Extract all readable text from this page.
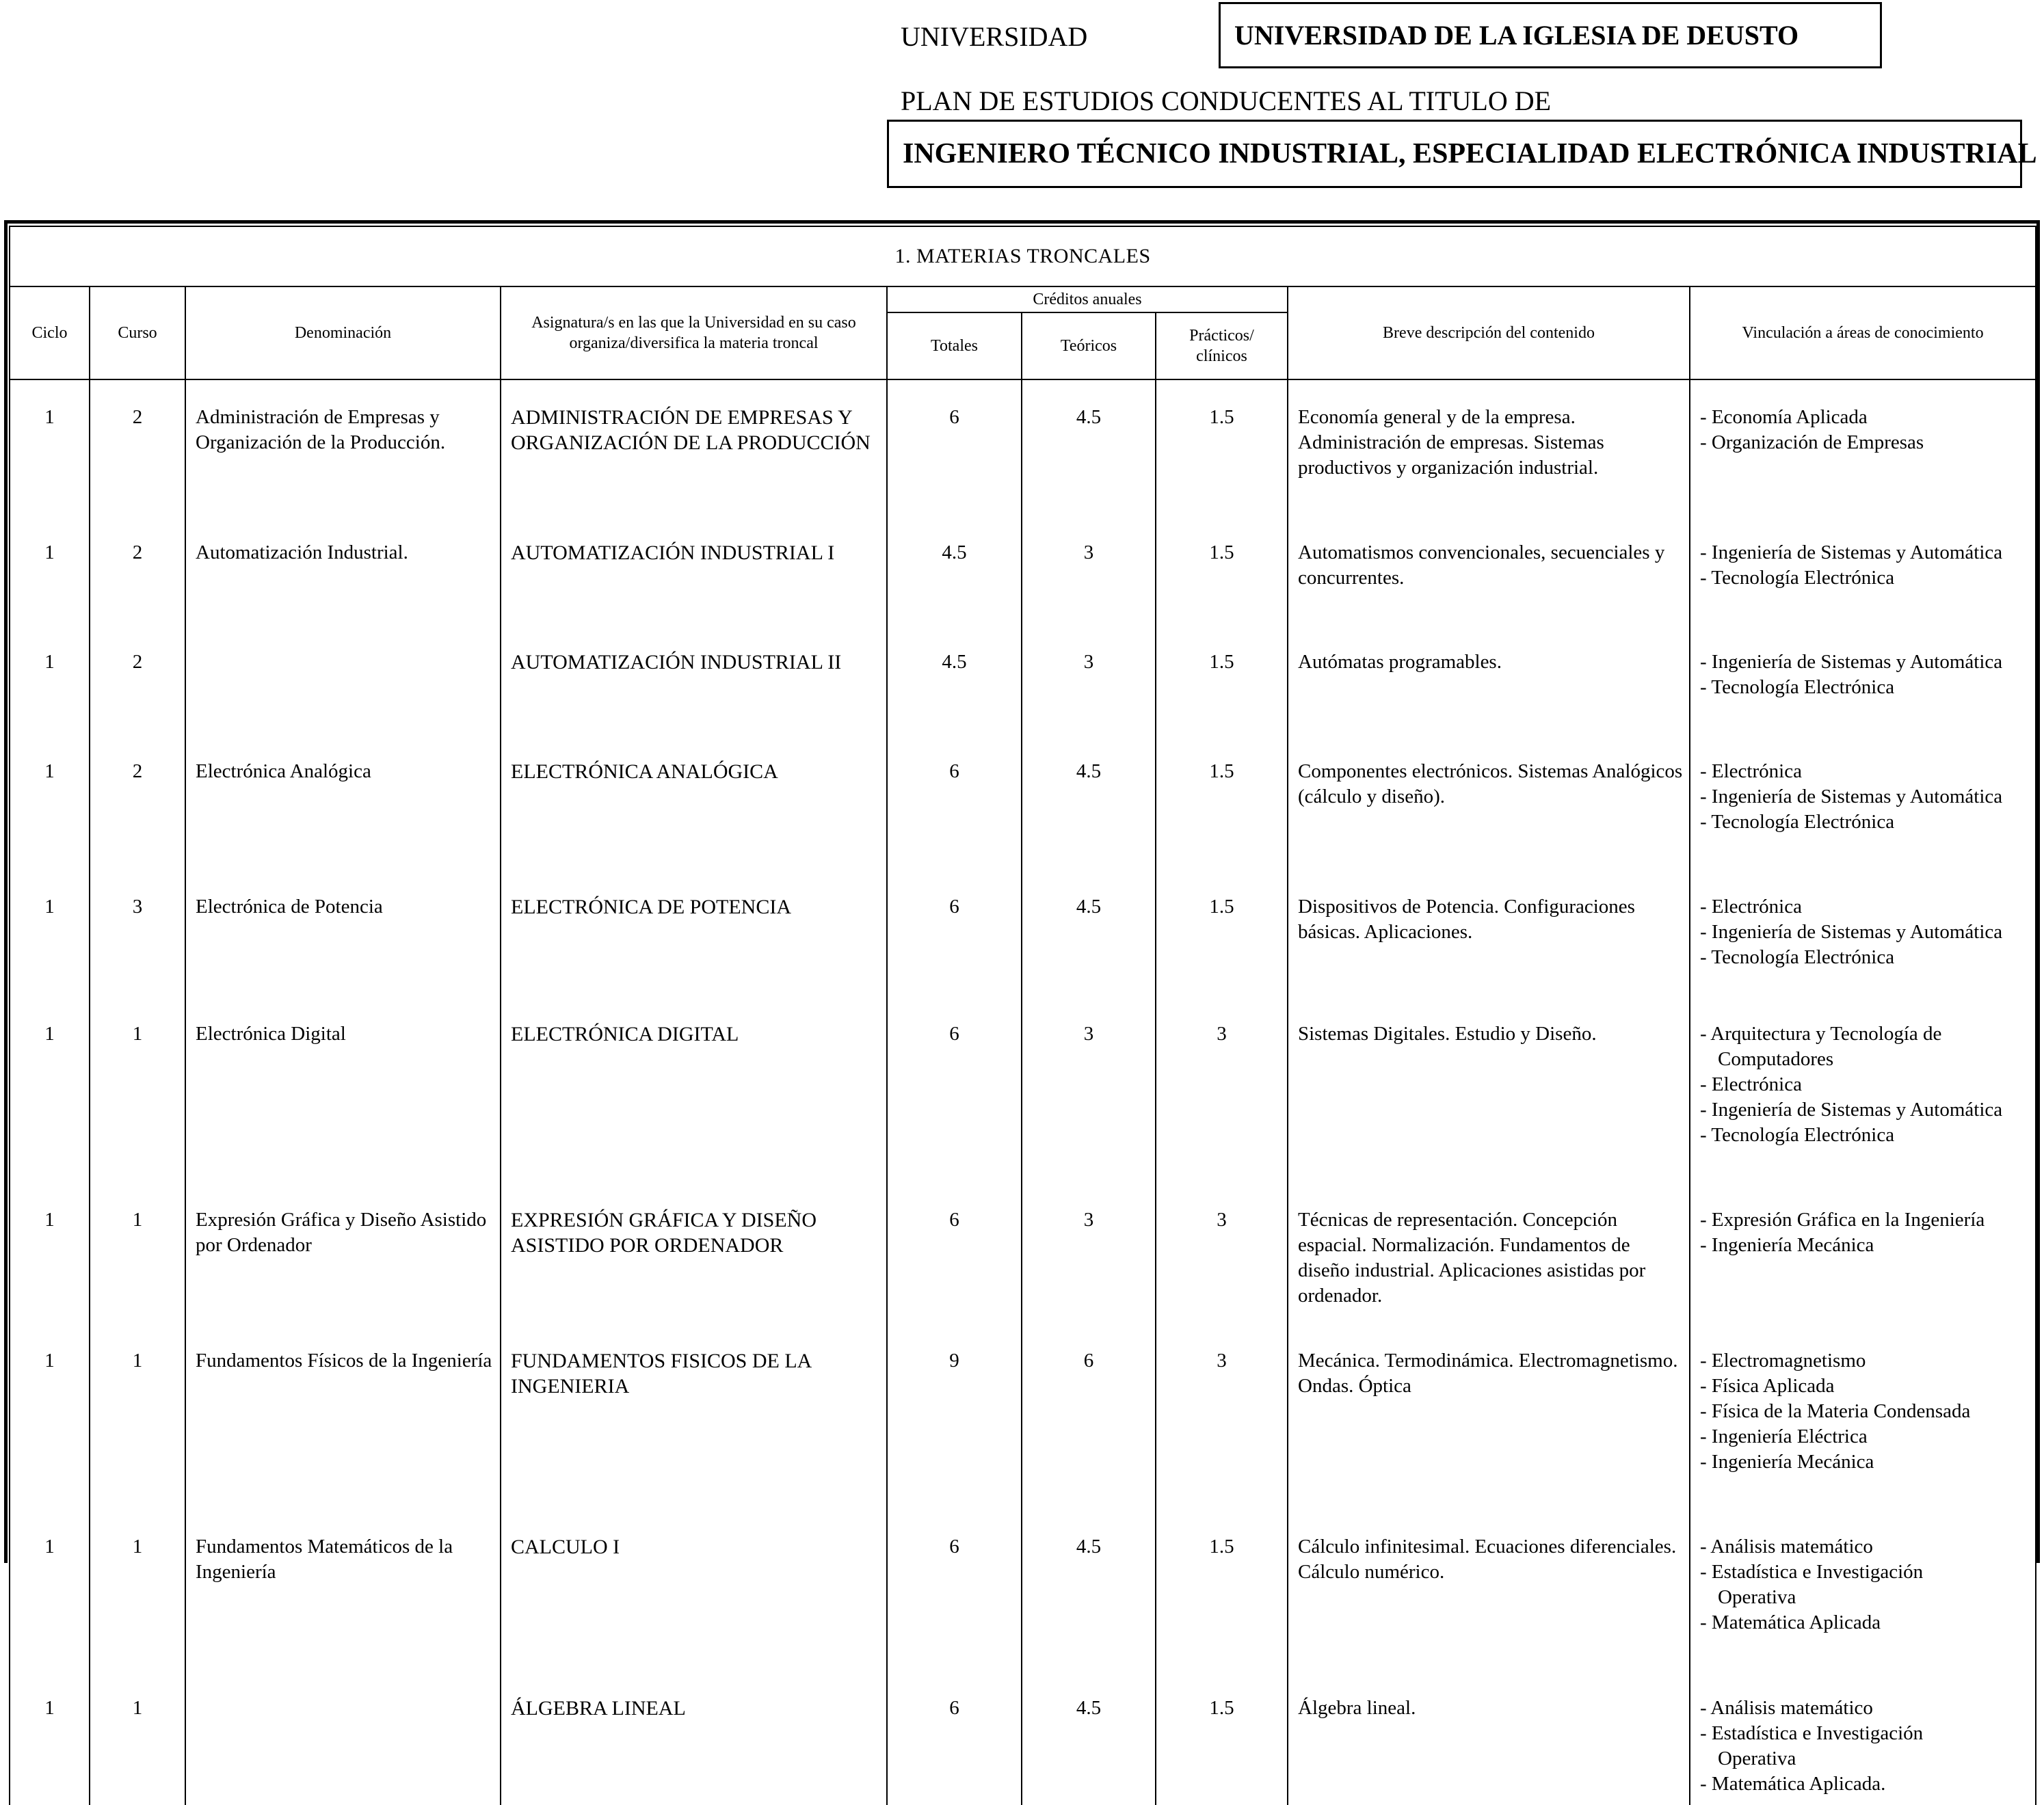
UNIVERSIDAD	UNIVERSIDAD DE LA IGLESIA DE DEUSTO
PLAN DE ESTUDIOS CONDUCENTES AL TITULO DE
INGENIERO TÉCNICO INDUSTRIAL, ESPECIALIDAD ELECTRÓNICA INDUSTRIAL
1. MATERIAS TRONCALES								
Ciclo	Curso	Denominación	Asignatura/s en las que la Universidad en su caso organiza/diversifica la materia troncal	Créditos anuales			Breve descripción del contenido	Vinculación a áreas de conocimiento
				Totales	Teóricos	Prácticos/ clínicos		
1	2	Administración de Empresas y Organización de la Producción.	ADMINISTRACIÓN DE EMPRESAS Y ORGANIZACIÓN DE LA PRODUCCIÓN	6	4.5	1.5	Economía general y de la empresa. Administración de empresas. Sistemas productivos y organización industrial.	- Economía Aplicada
- Organización de Empresas

1	2	Automatización Industrial.	AUTOMATIZACIÓN INDUSTRIAL I	4.5	3	1.5	Automatismos convencionales, secuenciales y concurrentes.	- Ingeniería de Sistemas y Automática
- Tecnología Electrónica

1	2		AUTOMATIZACIÓN INDUSTRIAL II	4.5	3	1.5	Autómatas programables.	- Ingeniería de Sistemas y Automática
- Tecnología Electrónica

1	2	Electrónica Analógica	ELECTRÓNICA ANALÓGICA	6	4.5	1.5	Componentes electrónicos. Sistemas Analógicos (cálculo y diseño).	- Electrónica
- Ingeniería de Sistemas y Automática
- Tecnología Electrónica

1	3	Electrónica de Potencia	ELECTRÓNICA DE POTENCIA	6	4.5	1.5	Dispositivos de Potencia. Configuraciones básicas. Aplicaciones.	- Electrónica
- Ingeniería de Sistemas y Automática
- Tecnología Electrónica

1	1	Electrónica Digital	ELECTRÓNICA DIGITAL	6	3	3	Sistemas Digitales. Estudio y Diseño.	- Arquitectura y Tecnología de
Computadores
- Electrónica
- Ingeniería de Sistemas y Automática
- Tecnología Electrónica

1	1	Expresión Gráfica y Diseño Asistido por Ordenador	EXPRESIÓN GRÁFICA Y DISEÑO ASISTIDO POR ORDENADOR	6	3	3	Técnicas de representación. Concepción espacial. Normalización. Fundamentos de diseño industrial. Aplicaciones asistidas por ordenador.	- Expresión Gráfica en la Ingeniería
- Ingeniería Mecánica

1	1	Fundamentos Físicos de la Ingeniería	FUNDAMENTOS FISICOS DE LA INGENIERIA	9	6	3	Mecánica. Termodinámica. Electromagnetismo. Ondas. Óptica	- Electromagnetismo
- Física Aplicada
- Física de la Materia Condensada
- Ingeniería Eléctrica
- Ingeniería Mecánica

1	1	Fundamentos Matemáticos de la Ingeniería	CALCULO I	6	4.5	1.5	Cálculo infinitesimal. Ecuaciones diferenciales. Cálculo numérico.	- Análisis matemático
- Estadística e Investigación
Operativa
- Matemática Aplicada

1	1		ÁLGEBRA LINEAL	6	4.5	1.5	Álgebra lineal.	- Análisis matemático
- Estadística e Investigación
Operativa
- Matemática Aplicada.
